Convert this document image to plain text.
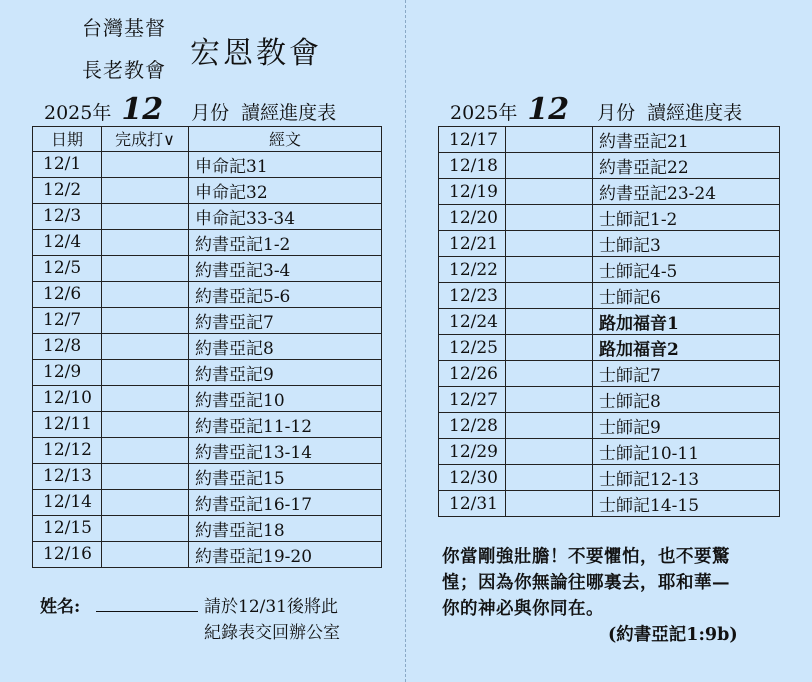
台灣基督
長老教會 宏恩教會
2025年 12 月份 讀經進度表	2025年 12 月份 讀經進度表
日期	完成打∨	經文
12/1		申命記31
12/2		申命記32
12/3		申命記33-34
12/4		約書亞記1-2
12/5		約書亞記3-4
12/6		約書亞記5-6
12/7		約書亞記7
12/8		約書亞記8
12/9		約書亞記9
12/10		約書亞記10
12/11		約書亞記11-12
12/12		約書亞記13-14
12/13		約書亞記15
12/14		約書亞記16-17
12/15		約書亞記18
12/16		約書亞記19-20
12/17		約書亞記21
12/18		約書亞記22
12/19		約書亞記23-24
12/20		士師記1-2
12/21		士師記3
12/22		士師記4-5
12/23		士師記6
12/24		路加福音1
12/25		路加福音2
12/26		士師記7
12/27		士師記8
12/28		士師記9
12/29		士師記10-11
12/30		士師記12-13
12/31		士師記14-15
姓名:	請於12/31後將此
紀錄表交回辦公室
你當剛強壯膽！不要懼怕，也不要驚
惶；因為你無論往哪裏去，耶和華—
你的神必與你同在。
(約書亞記1:9b)
